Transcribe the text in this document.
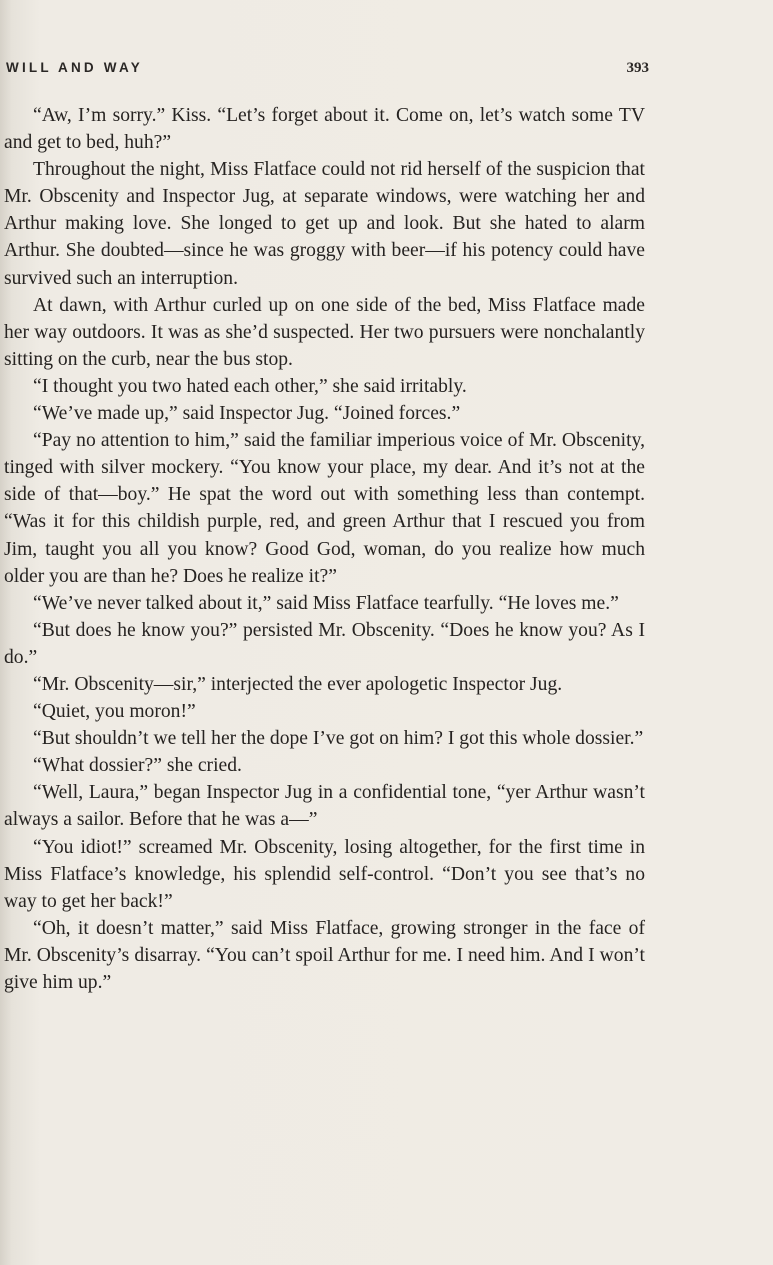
WILL AND WAY	393

“Aw, I’m sorry.” Kiss. “Let’s forget about it. Come on, let’s watch some TV and get to bed, huh?”

Throughout the night, Miss Flatface could not rid herself of the suspicion that Mr. Obscenity and Inspector Jug, at separate windows, were watching her and Arthur making love. She longed to get up and look. But she hated to alarm Arthur. She doubted—since he was groggy with beer—if his potency could have survived such an interruption.

At dawn, with Arthur curled up on one side of the bed, Miss Flatface made her way outdoors. It was as she’d suspected. Her two pursuers were nonchalantly sitting on the curb, near the bus stop.

“I thought you two hated each other,” she said irritably.

“We’ve made up,” said Inspector Jug. “Joined forces.”

“Pay no attention to him,” said the familiar imperious voice of Mr. Obscenity, tinged with silver mockery. “You know your place, my dear. And it’s not at the side of that—boy.” He spat the word out with something less than contempt. “Was it for this childish purple, red, and green Arthur that I rescued you from Jim, taught you all you know? Good God, woman, do you realize how much older you are than he? Does he realize it?”

“We’ve never talked about it,” said Miss Flatface tearfully. “He loves me.”

“But does he know you?” persisted Mr. Obscenity. “Does he know you? As I do.”

“Mr. Obscenity—sir,” interjected the ever apologetic Inspector Jug.

“Quiet, you moron!”

“But shouldn’t we tell her the dope I’ve got on him? I got this whole dossier.”

“What dossier?” she cried.

“Well, Laura,” began Inspector Jug in a confidential tone, “yer Arthur wasn’t always a sailor. Before that he was a—”

“You idiot!” screamed Mr. Obscenity, losing altogether, for the first time in Miss Flatface’s knowledge, his splendid self-control. “Don’t you see that’s no way to get her back!”

“Oh, it doesn’t matter,” said Miss Flatface, growing stronger in the face of Mr. Obscenity’s disarray. “You can’t spoil Arthur for me. I need him. And I won’t give him up.”
